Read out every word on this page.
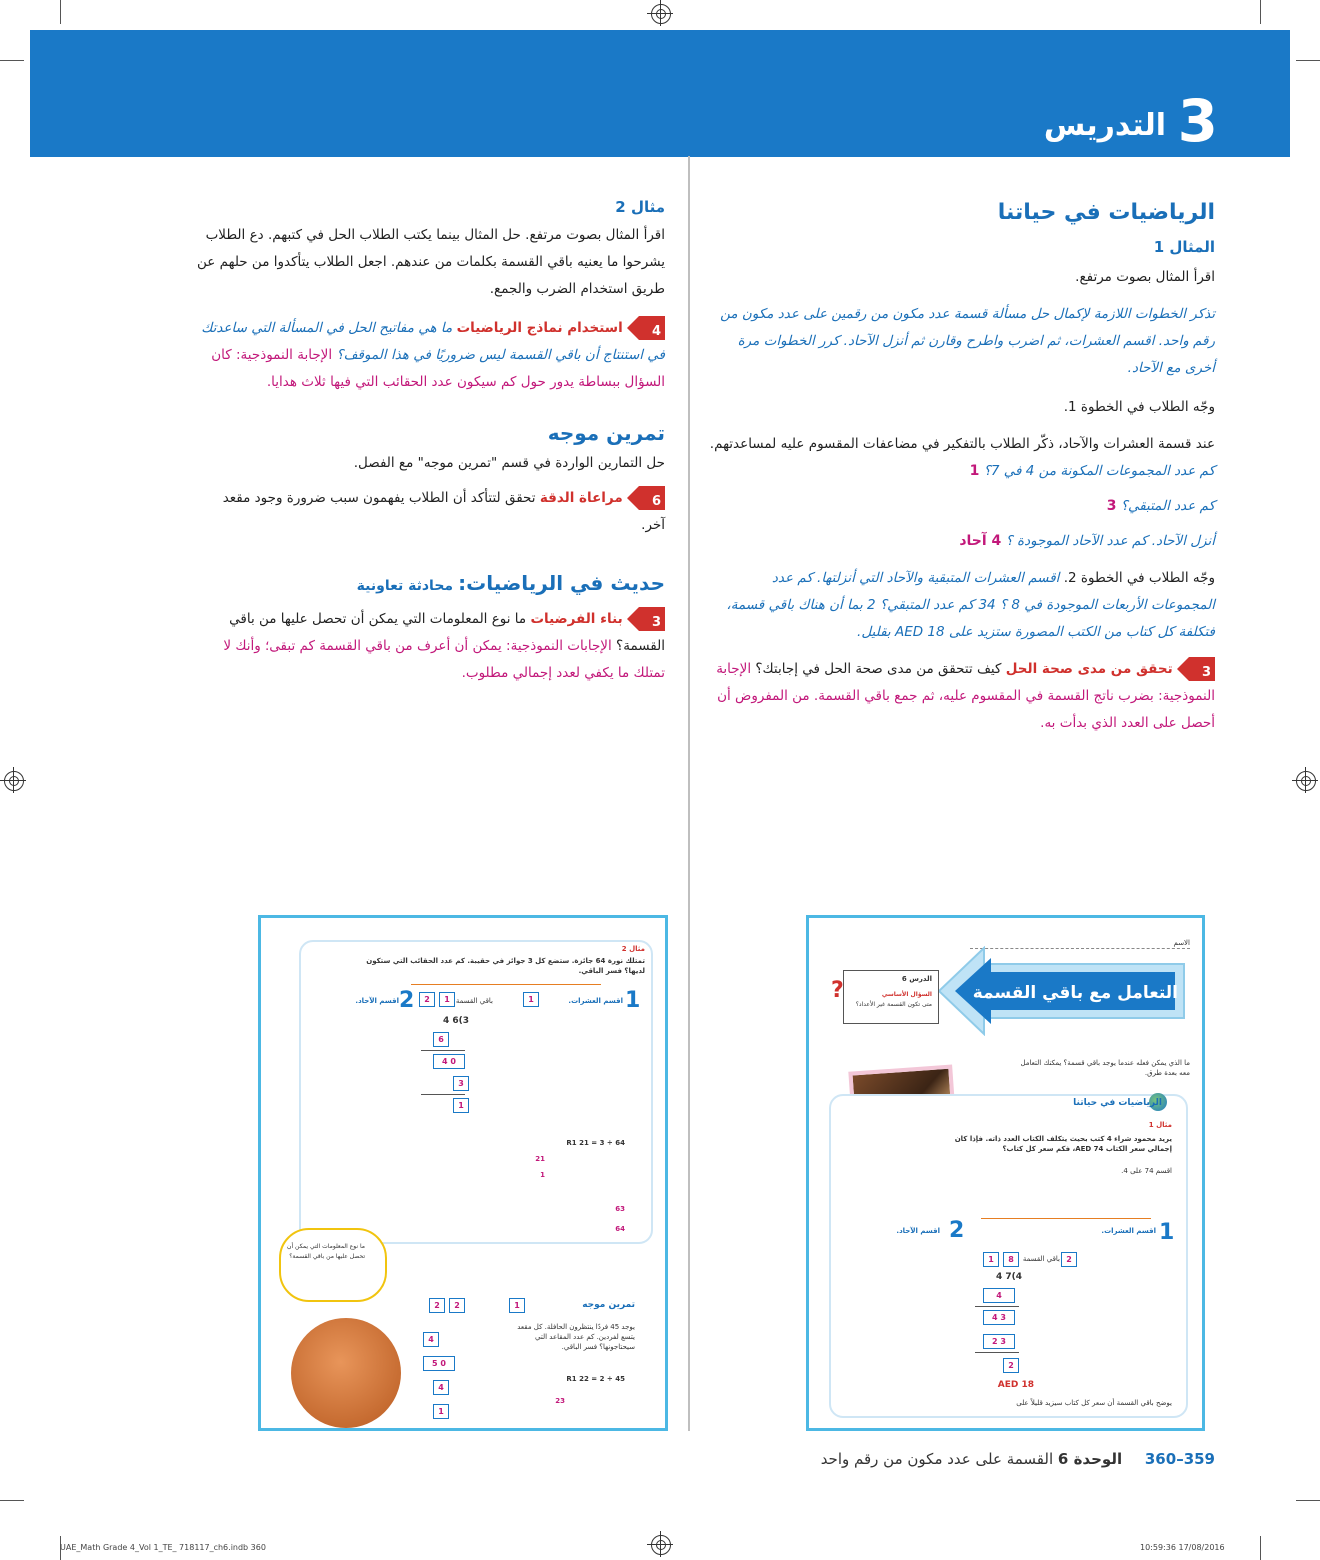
3
التدريس
الرياضيات في حياتنا
المثال 1

اقرأ المثال بصوت مرتفع.

تذكر الخطوات اللازمة لإكمال حل مسألة قسمة عدد مكون من رقمين على عدد مكون من رقم واحد. اقسم العشرات، ثم اضرب واطرح وقارن ثم أنزل الآحاد. كرر الخطوات مرة أخرى مع الآحاد.

وجّه الطلاب في الخطوة 1.

عند قسمة العشرات والآحاد، ذكّر الطلاب بالتفكير في مضاعفات المقسوم عليه لمساعدتهم. كم عدد المجموعات المكونة من 4 في 7؟ 1

كم عدد المتبقي؟ 3

أنزل الآحاد. كم عدد الآحاد الموجودة ؟ 4 آحاد

وجّه الطلاب في الخطوة 2. اقسم العشرات المتبقية والآحاد التي أنزلتها. كم عدد المجموعات الأربعات الموجودة في 8 ؟ 34 كم عدد المتبقي؟ 2 بما أن هناك باقي قسمة، فتكلفة كل كتاب من الكتب المصورة ستزيد على AED 18 بقليل.

3
تحقق من مدى صحة الحل كيف تتحقق من مدى صحة الحل في إجابتك؟ الإجابة النموذجية: بضرب ناتج القسمة في المقسوم عليه، ثم جمع باقي القسمة. من المفروض أن أحصل على العدد الذي بدأت به.

مثال 2

اقرأ المثال بصوت مرتفع. حل المثال بينما يكتب الطلاب الحل في كتبهم. دع الطلاب يشرحوا ما يعنيه باقي القسمة بكلمات من عندهم. اجعل الطلاب يتأكدوا من حلهم عن طريق استخدام الضرب والجمع.

4
استخدام نماذج الرياضيات ما هي مفاتيح الحل في المسألة التي ساعدتك في استنتاج أن باقي القسمة ليس ضروريًا في هذا الموقف؟ الإجابة النموذجية: كان السؤال ببساطة يدور حول كم سيكون عدد الحقائب التي فيها ثلاث هدايا.

تمرين موجه

حل التمارين الواردة في قسم "تمرين موجه" مع الفصل.

6
مراعاة الدقة تحقق لتتأكد أن الطلاب يفهمون سبب ضرورة وجود مقعد آخر.

حديث في الرياضيات: محادثة تعاونية

3
بناء الفرضيات ما نوع المعلومات التي يمكن أن تحصل عليها من باقي القسمة؟ الإجابات النموذجية: يمكن أن أعرف من باقي القسمة كم تبقى؛ وأنك لا تمتلك ما يكفي لعدد إجمالي مطلوب.

الاسم
التعامل مع باقي القسمة
الدرس 6
السؤال الأساسي
متى تكون القسمة غير الأعداد؟
?
ما الذي يمكن فعله عندما يوجد باقي قسمة؟ يمكنك التعامل معه بعدة طرق.
الرياضيات في حياتنا
مثال 1
يريد محمود شراء 4 كتب بحيث يتكلف الكتاب العدد ذاته. فإذا كان إجمالي سعر الكتاب AED 74، فكم سعر كل كتاب؟
اقسم 74 على 4.
1
اقسم العشرات.
2
اقسم الآحاد.
1	8	باقي القسمة 2
4)7 4
4
3 4
3 2
2
AED 18
يوضح باقي القسمة أن سعر كل كتاب سيزيد قليلاً على
مثال 2
تمتلك نورة 64 جائزة. ستضع كل 3 جوائز في حقيبة. كم عدد الحقائب التي ستكون لديها؟ فسر الباقي.
1
اقسم العشرات.
2
اقسم الآحاد.	2	1 باقي القسمة	1
3)6 4
6
0 4
3
1
64 ÷ 3 = 21 R1
21
1
63
64
ما نوع المعلومات التي يمكن أن تحصل عليها من باقي القسمة؟
تمرين موجه
2	2	1
يوجد 45 فردًا ينتظرون الحافلة. كل مقعد يتسع لفردين. كم عدد المقاعد التي سيحتاجونها؟ فسر الباقي.
4
0 5
4
1
45 ÷ 2 = 22 R1
23
359–360 الوحدة 6 القسمة على عدد مكون من رقم واحد
UAE_Math Grade 4_Vol 1_TE_ 718117_ch6.indb 360	17/08/2016 10:59:36
